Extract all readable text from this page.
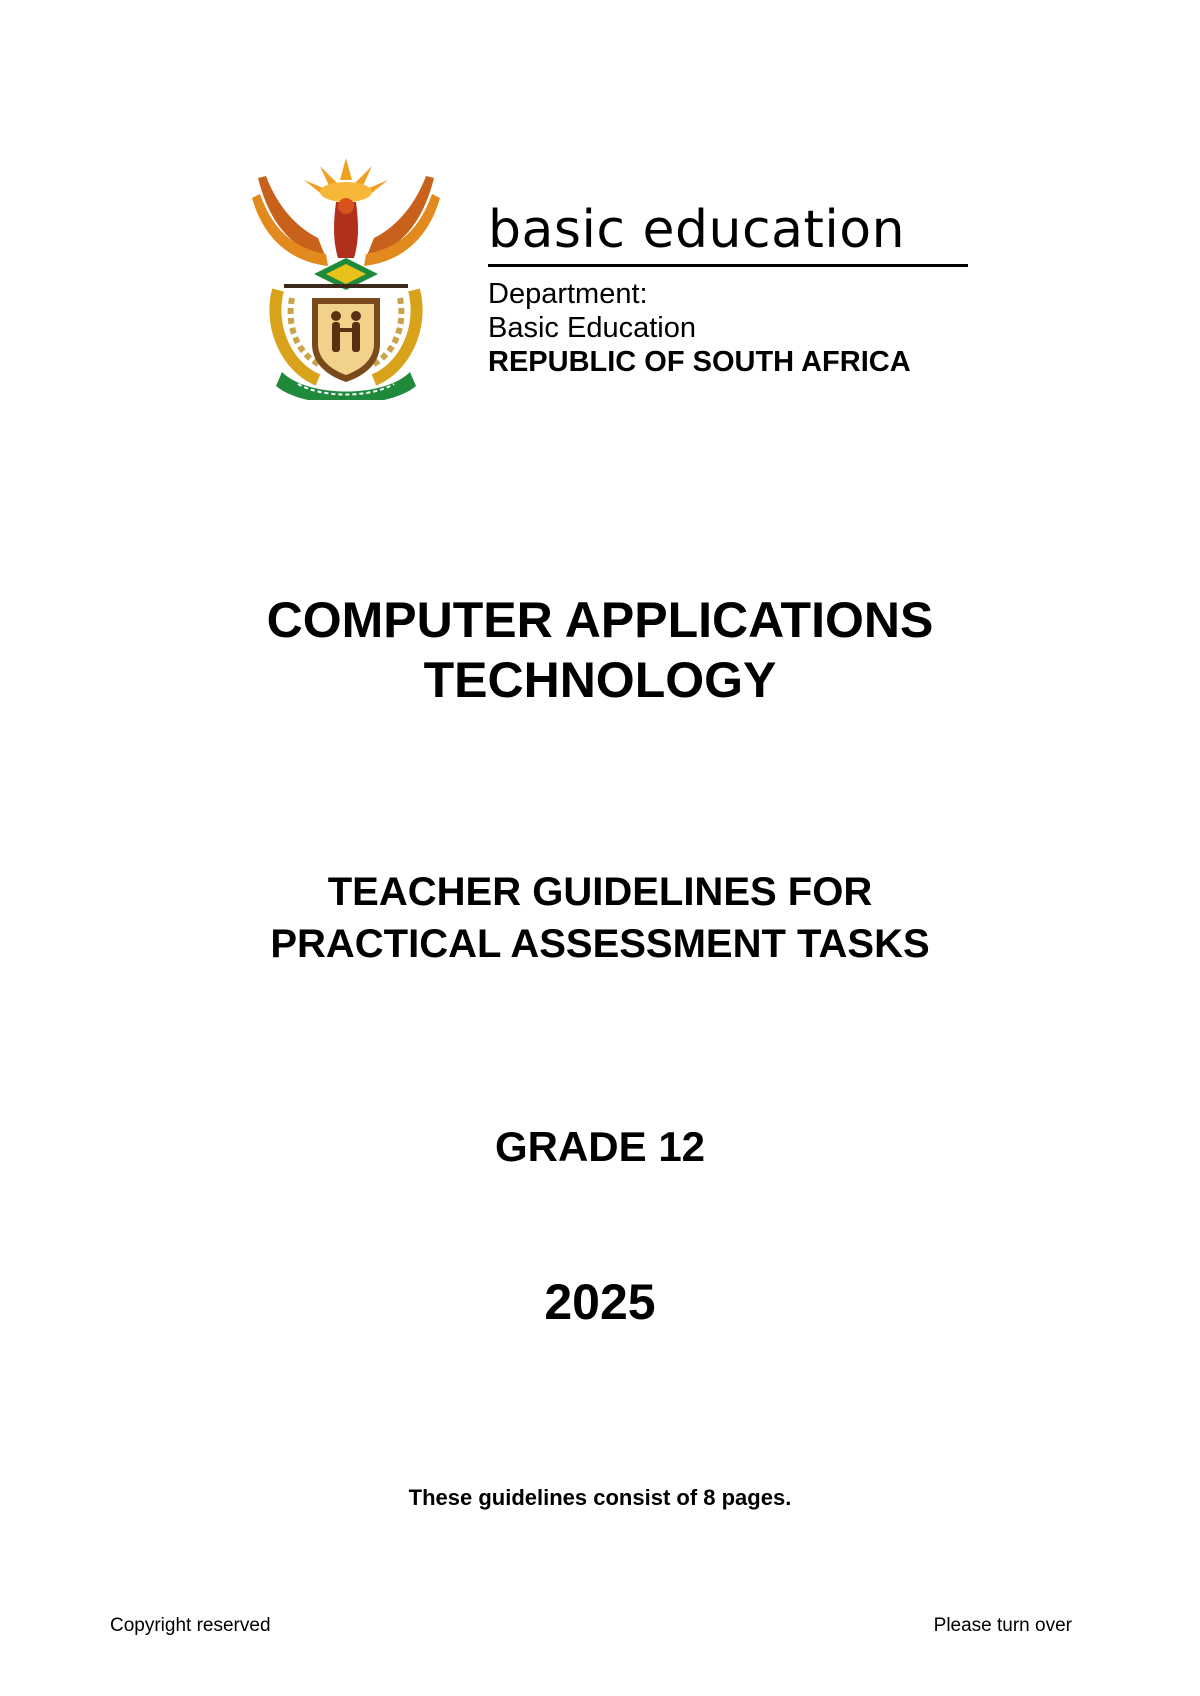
basic education

Department:

Basic Education

REPUBLIC OF SOUTH AFRICA

COMPUTER APPLICATIONS
TECHNOLOGY
TEACHER GUIDELINES FOR
PRACTICAL ASSESSMENT TASKS

GRADE 12

2025

These guidelines consist of 8 pages.

Copyright reserved	Please turn over
